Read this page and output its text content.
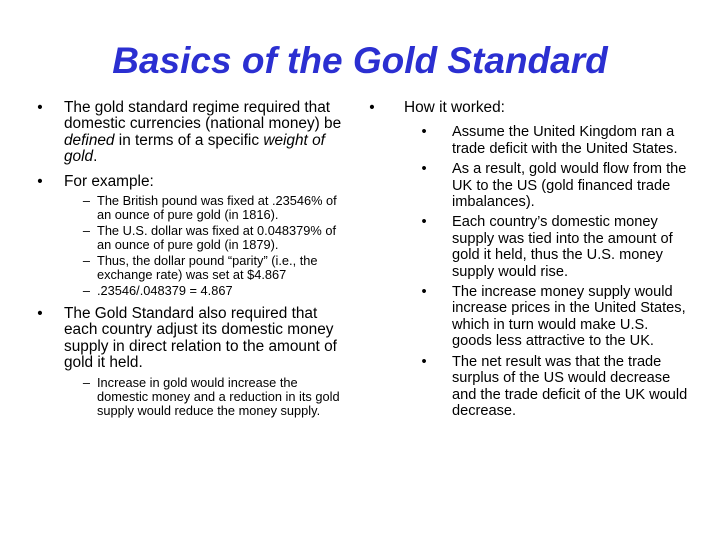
Basics of the Gold Standard
•	The gold standard regime required that domestic currencies (national money) be defined in terms of a specific weight of gold.
•	For example:
– The British pound was fixed at .23546% of an ounce of pure gold (in 1816).
– The U.S. dollar was fixed at 0.048379% of an ounce of pure gold (in 1879).
– Thus, the dollar pound “parity” (i.e., the exchange rate) was set at $4.867
– .23546/.048379 = 4.867
•	The Gold Standard also required that each country adjust its domestic money supply in direct relation to the amount of gold it held.
– Increase in gold would increase the domestic money and a reduction in its gold supply would reduce the money supply.
•	How it worked:
•	Assume the United Kingdom ran a trade deficit with the United States.
•	As a result, gold would flow from the UK to the US (gold financed trade imbalances).
•	Each country’s domestic money supply was tied into the amount of gold it held, thus the U.S. money supply would rise.
•	The increase money supply would increase prices in the United States, which in turn would make U.S. goods less attractive to the UK.
•	The net result was that the trade surplus of the US would decrease and the trade deficit of the UK would decrease.
